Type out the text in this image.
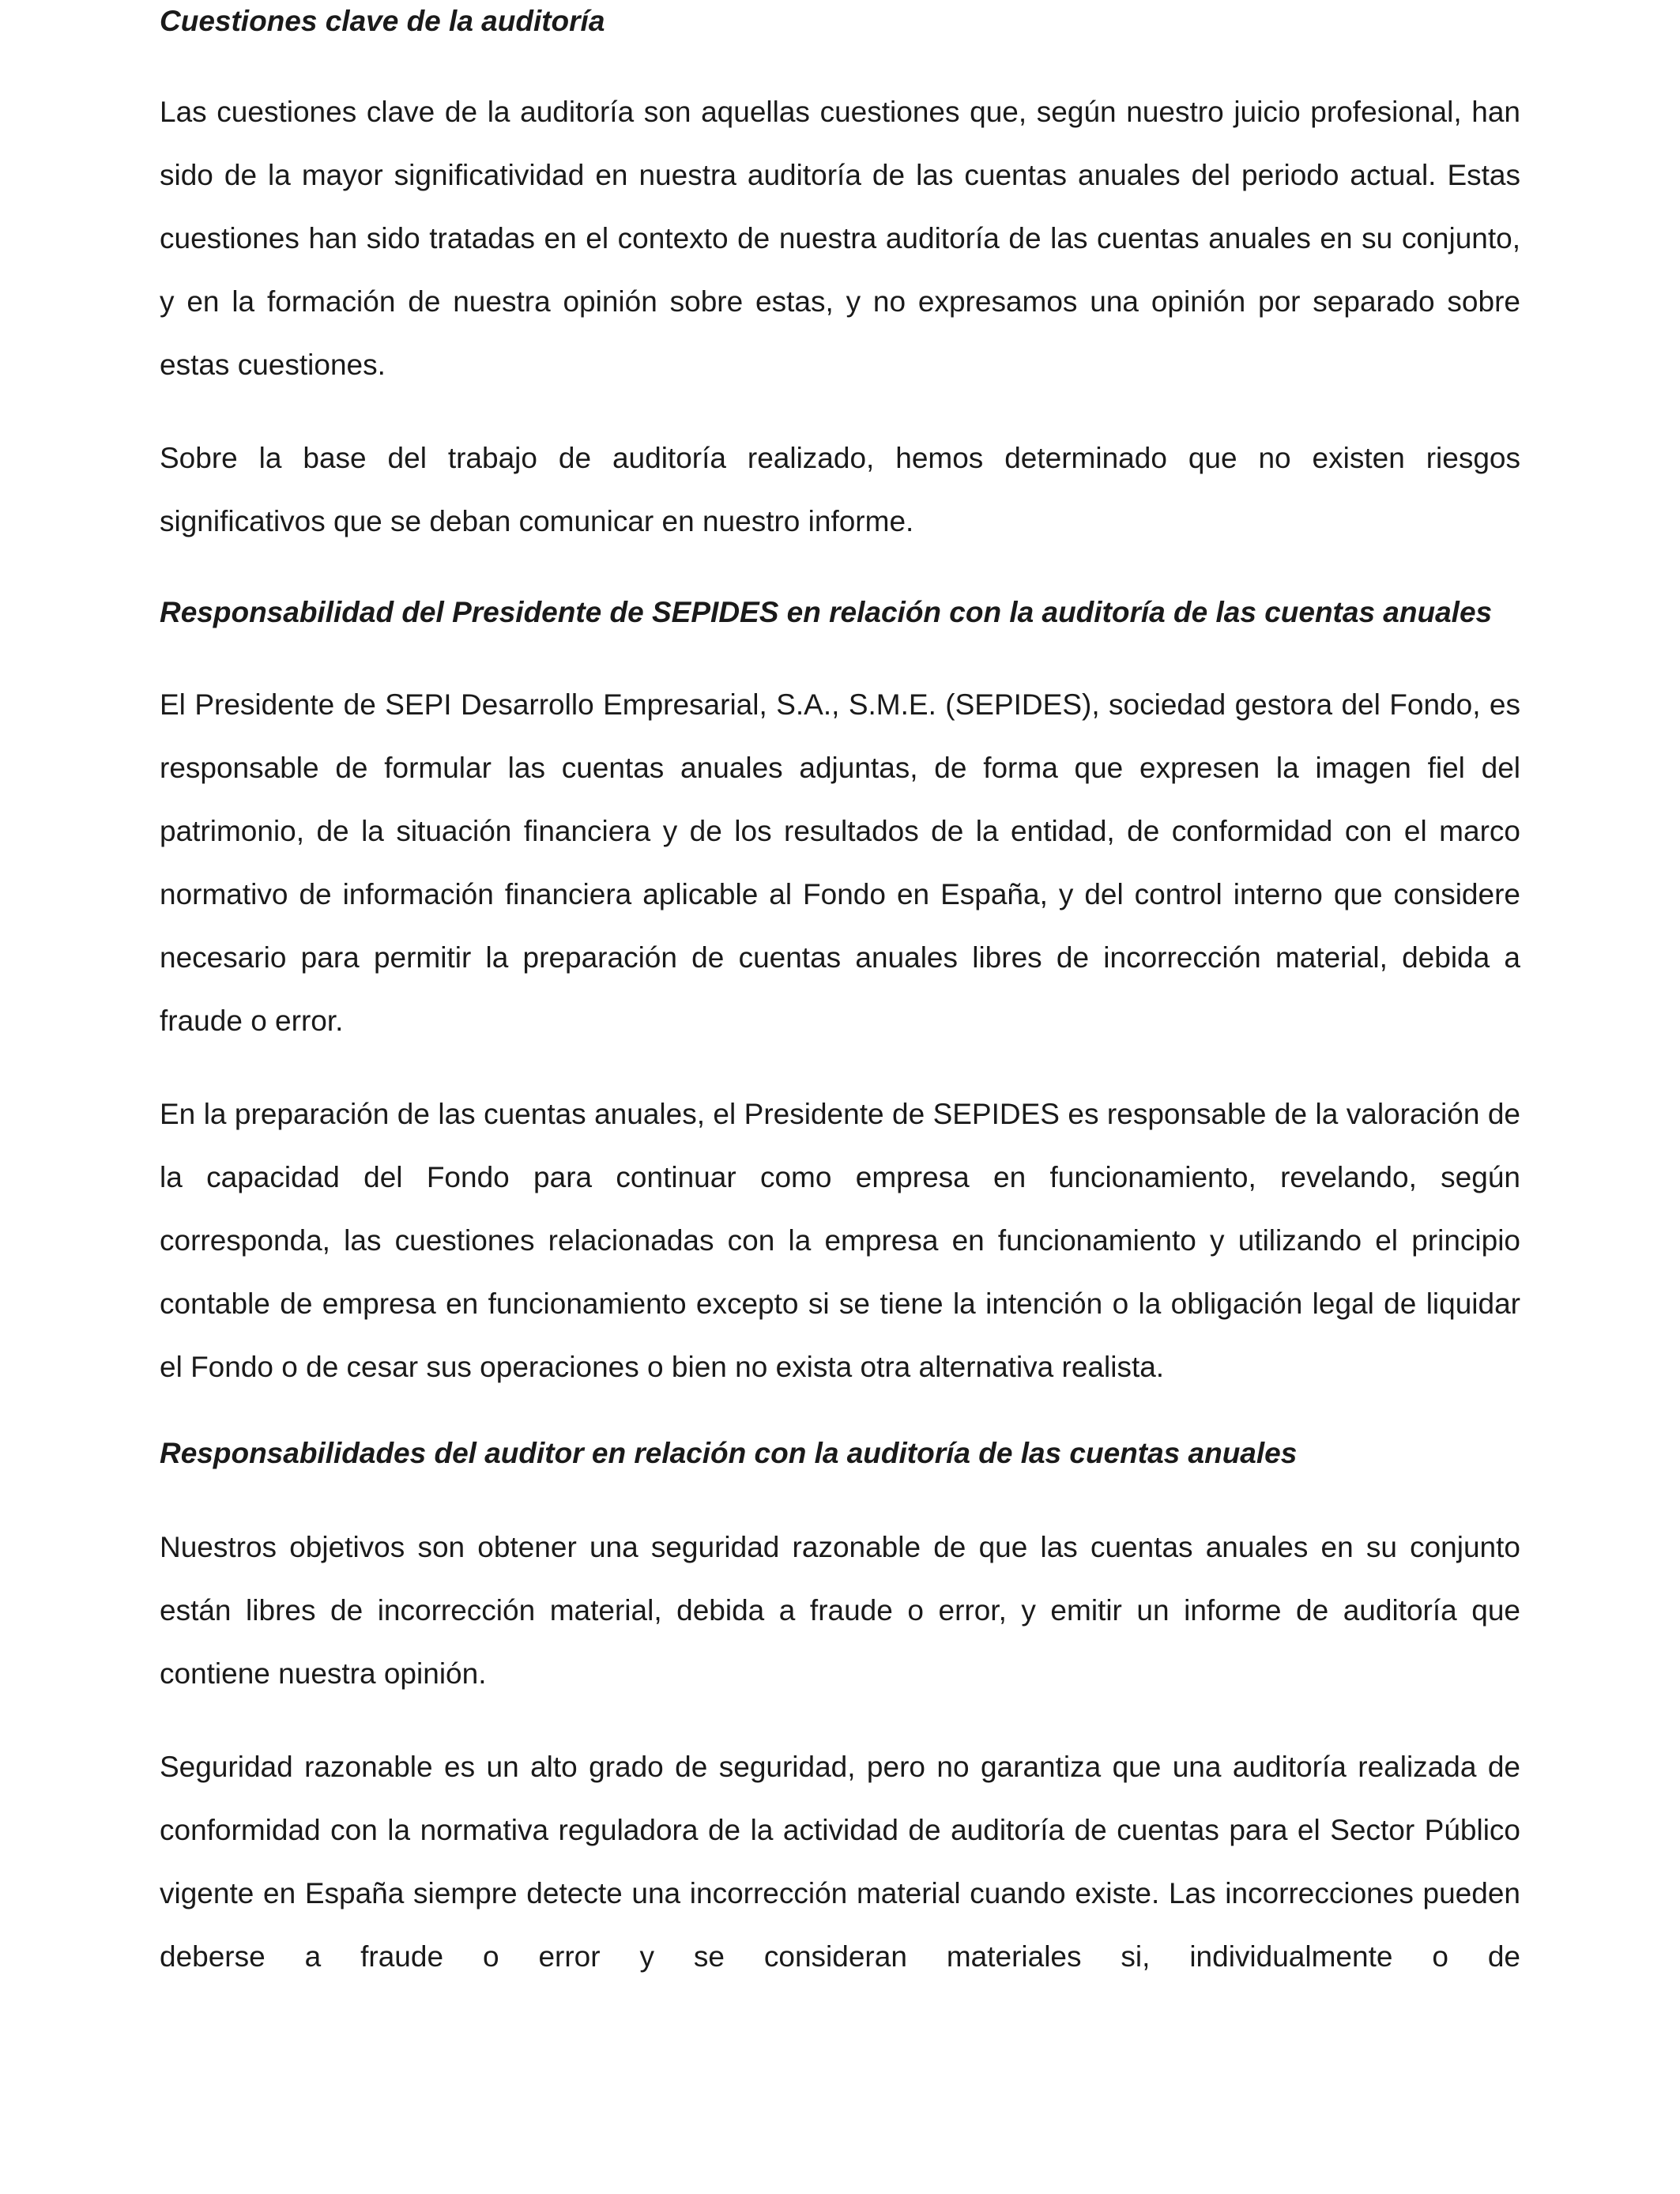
Cuestiones clave de la auditoría

Las cuestiones clave de la auditoría son aquellas cuestiones que, según nuestro juicio profesional, han sido de la mayor significatividad en nuestra auditoría de las cuentas anuales del periodo actual. Estas cuestiones han sido tratadas en el contexto de nuestra auditoría de las cuentas anuales en su conjunto, y en la formación de nuestra opinión sobre estas, y no expresamos una opinión por separado sobre estas cuestiones.

Sobre la base del trabajo de auditoría realizado, hemos determinado que no existen riesgos significativos que se deban comunicar en nuestro informe.

Responsabilidad del Presidente de SEPIDES en relación con la auditoría de las cuentas anuales

El Presidente de SEPI Desarrollo Empresarial, S.A., S.M.E. (SEPIDES), sociedad gestora del Fondo, es responsable de formular las cuentas anuales adjuntas, de forma que expresen la imagen fiel del patrimonio, de la situación financiera y de los resultados de la entidad, de conformidad con el marco normativo de información financiera aplicable al Fondo en España, y del control interno que considere necesario para permitir la preparación de cuentas anuales libres de incorrección material, debida a fraude o error.

En la preparación de las cuentas anuales, el Presidente de SEPIDES es responsable de la valoración de la capacidad del Fondo para continuar como empresa en funcionamiento, revelando, según corresponda, las cuestiones relacionadas con la empresa en funcionamiento y utilizando el principio contable de empresa en funcionamiento excepto si se tiene la intención o la obligación legal de liquidar el Fondo o de cesar sus operaciones o bien no exista otra alternativa realista.

Responsabilidades del auditor en relación con la auditoría de las cuentas anuales

Nuestros objetivos son obtener una seguridad razonable de que las cuentas anuales en su conjunto están libres de incorrección material, debida a fraude o error, y emitir un informe de auditoría que contiene nuestra opinión.

Seguridad razonable es un alto grado de seguridad, pero no garantiza que una auditoría realizada de conformidad con la normativa reguladora de la actividad de auditoría de cuentas para el Sector Público vigente en España siempre detecte una incorrección material cuando existe. Las incorrecciones pueden deberse a fraude o error y se consideran materiales si, individualmente o de
